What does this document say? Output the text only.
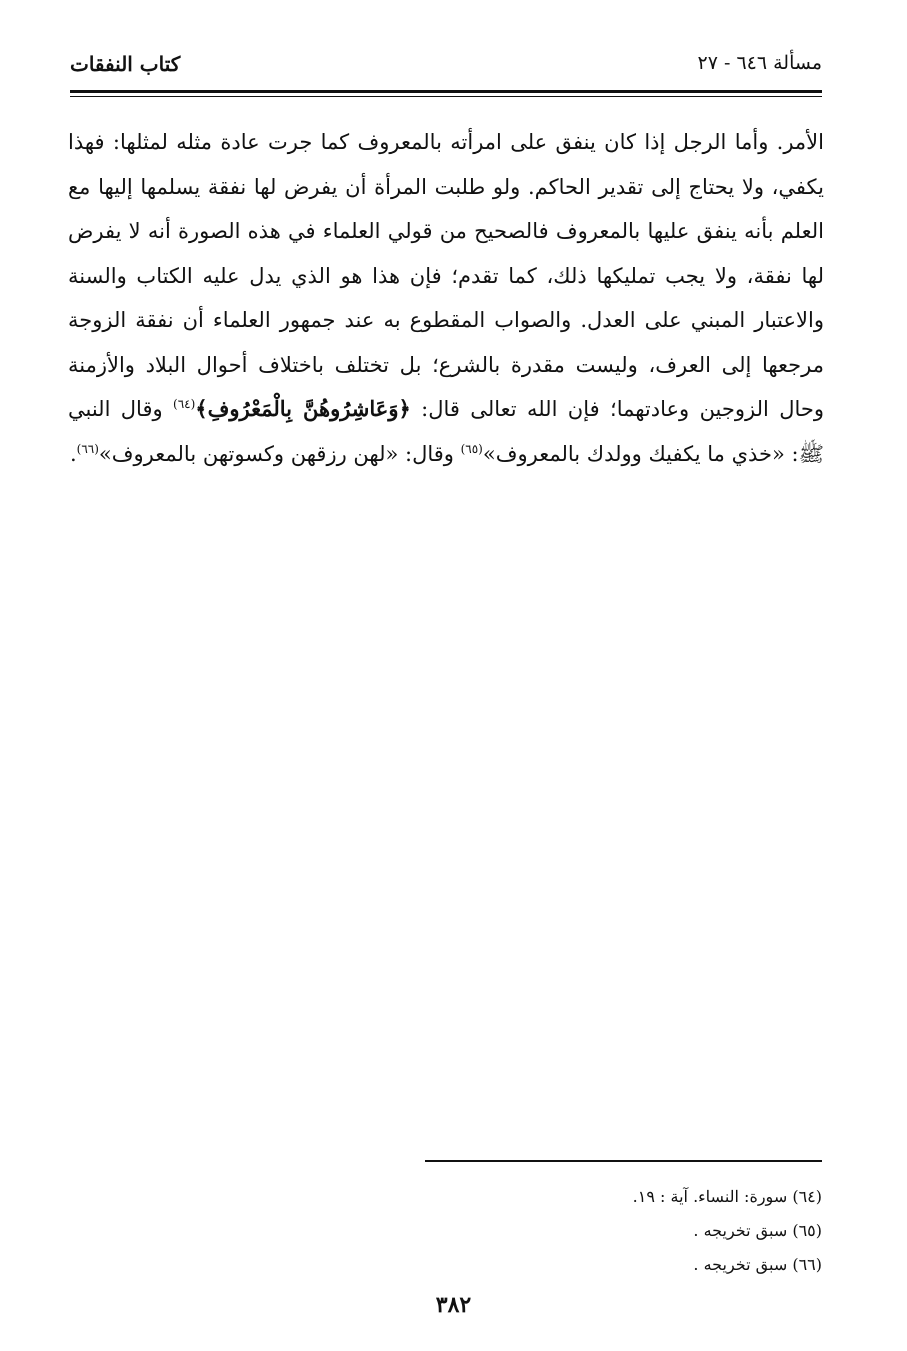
مسألة ٦٤٦ - ٢٧
كتاب النفقات

الأمر. وأما الرجل إذا كان ينفق على امرأته بالمعروف كما جرت عادة مثله لمثلها: فهذا يكفي، ولا يحتاج إلى تقدير الحاكم. ولو طلبت المرأة أن يفرض لها نفقة يسلمها إليها مع العلم بأنه ينفق عليها بالمعروف فالصحيح من قولي العلماء في هذه الصورة أنه لا يفرض لها نفقة، ولا يجب تمليكها ذلك، كما تقدم؛ فإن هذا هو الذي يدل عليه الكتاب والسنة والاعتبار المبني على العدل. والصواب المقطوع به عند جمهور العلماء أن نفقة الزوجة مرجعها إلى العرف، وليست مقدرة بالشرع؛ بل تختلف باختلاف أحوال البلاد والأزمنة وحال الزوجين وعادتهما؛ فإن الله تعالى قال: ﴿وَعَاشِرُوهُنَّ بِالْمَعْرُوفِ﴾$^{(٦٤)}$ وقال النبي ﷺ: «خذي ما يكفيك وولدك بالمعروف»$^{(٦٥)}$ وقال: «لهن رزقهن وكسوتهن بالمعروف»$^{(٦٦)}$.

(٦٤) سورة: النساء. آية : ١٩.
(٦٥) سبق تخريجه .
(٦٦) سبق تخريجه .
٣٨٢
